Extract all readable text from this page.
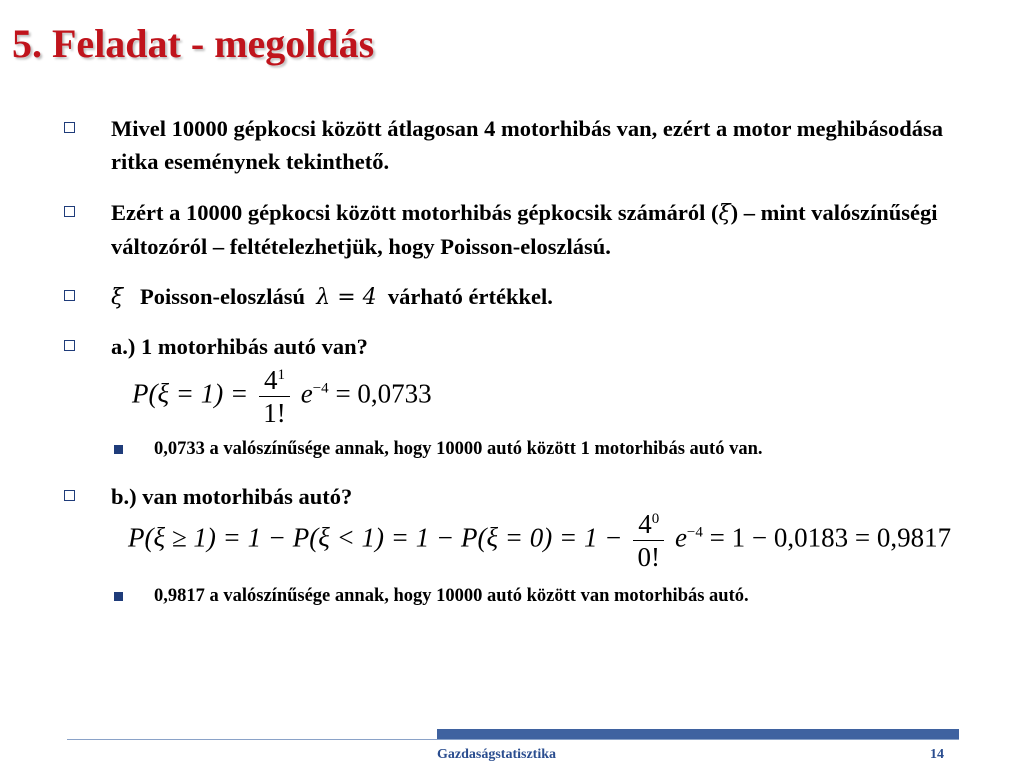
5. Feladat - megoldás
Mivel 10000 gépkocsi között átlagosan 4 motorhibás van, ezért a motor meghibásodása ritka eseménynek tekinthető.
Ezért a 10000 gépkocsi között motorhibás gépkocsik számáról (ξ) – mint valószínűségi változóról – feltételezhetjük, hogy Poisson-eloszlású.
ξ Poisson-eloszlású λ = 4 várható értékkel.
a.) 1 motorhibás autó van?
$P(\xi = 1) = \frac{4^1}{1!} e^{-4} = 0,0733$
0,0733 a valószínűsége annak, hogy 10000 autó között 1 motorhibás autó van.
b.) van motorhibás autó?
$P(\xi \ge 1) = 1 - P(\xi < 1) = 1 - P(\xi = 0) = 1 - \frac{4^0}{0!} e^{-4} = 1 - 0,0183 = 0,9817$
0,9817 a valószínűsége annak, hogy 10000 autó között van motorhibás autó.
Gazdaságstatisztika	14
